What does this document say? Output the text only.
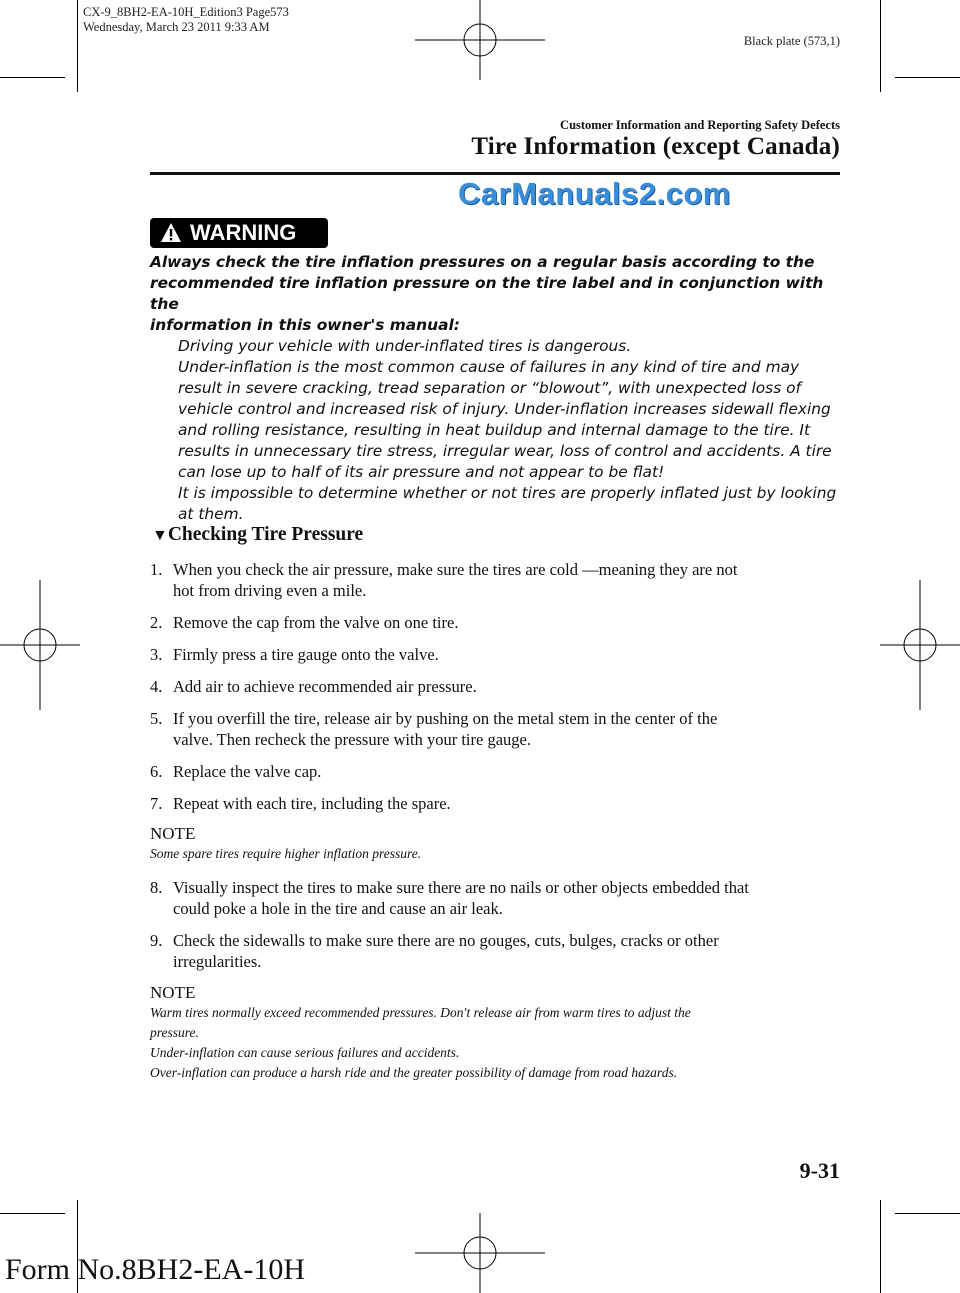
CX-9_8BH2-EA-10H_Edition3 Page573
Wednesday, March 23 2011 9:33 AM
Black plate (573,1)
Customer Information and Reporting Safety Defects
Tire Information (except Canada)
CarManuals2.com
WARNING
Always check the tire inflation pressures on a regular basis according to the
recommended tire inflation pressure on the tire label and in conjunction with the
information in this owner's manual:
Driving your vehicle with under-inflated tires is dangerous.
Under-inflation is the most common cause of failures in any kind of tire and may
result in severe cracking, tread separation or “blowout”, with unexpected loss of
vehicle control and increased risk of injury. Under-inflation increases sidewall flexing
and rolling resistance, resulting in heat buildup and internal damage to the tire. It
results in unnecessary tire stress, irregular wear, loss of control and accidents. A tire
can lose up to half of its air pressure and not appear to be flat!
It is impossible to determine whether or not tires are properly inflated just by looking
at them.
▼Checking Tire Pressure
1. When you check the air pressure, make sure the tires are cold —meaning they are not
hot from driving even a mile.
2. Remove the cap from the valve on one tire.
3. Firmly press a tire gauge onto the valve.
4. Add air to achieve recommended air pressure.
5. If you overfill the tire, release air by pushing on the metal stem in the center of the
valve. Then recheck the pressure with your tire gauge.
6. Replace the valve cap.
7. Repeat with each tire, including the spare.
NOTE
Some spare tires require higher inflation pressure.
8. Visually inspect the tires to make sure there are no nails or other objects embedded that
could poke a hole in the tire and cause an air leak.
9. Check the sidewalls to make sure there are no gouges, cuts, bulges, cracks or other
irregularities.
NOTE
Warm tires normally exceed recommended pressures. Don't release air from warm tires to adjust the
pressure.
Under-inflation can cause serious failures and accidents.
Over-inflation can produce a harsh ride and the greater possibility of damage from road hazards.
9-31
Form No.8BH2-EA-10H
